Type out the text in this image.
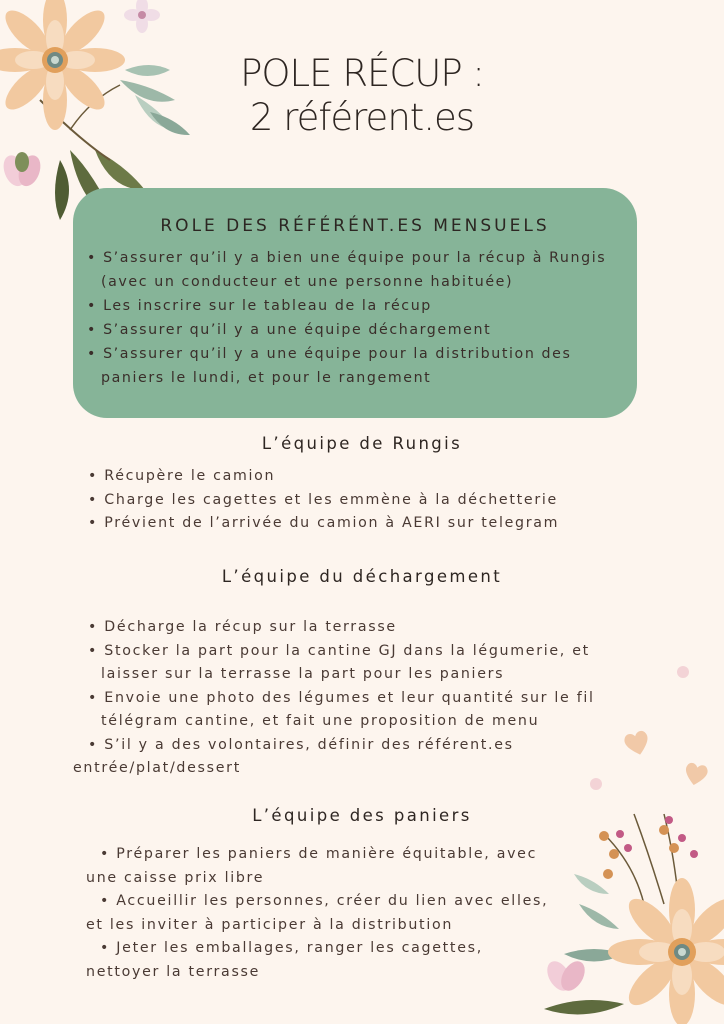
POLE RÉCUP :
2 référent.es
ROLE DES RÉFÉRÉNT.ES MENSUELS
• S’assurer qu’il y a bien une équipe pour la récup à Rungis
(avec un conducteur et une personne habituée)
• Les inscrire sur le tableau de la récup
• S’assurer qu’il y a une équipe déchargement
• S’assurer qu’il y a une équipe pour la distribution des
paniers le lundi, et pour le rangement
L’équipe de Rungis
• Récupère le camion
• Charge les cagettes et les emmène à la déchetterie
• Prévient de l’arrivée du camion à AERI sur telegram
L’équipe du déchargement
• Décharge la récup sur la terrasse
• Stocker la part pour la cantine GJ dans la légumerie, et
laisser sur la terrasse la part pour les paniers
• Envoie une photo des légumes et leur quantité sur le fil
télégram cantine, et fait une proposition de menu
• S’il y a des volontaires, définir des référent.es
entrée/plat/dessert
L’équipe des paniers
• Préparer les paniers de manière équitable, avec
une caisse prix libre
• Accueillir les personnes, créer du lien avec elles,
et les inviter à participer à la distribution
• Jeter les emballages, ranger les cagettes,
nettoyer la terrasse
